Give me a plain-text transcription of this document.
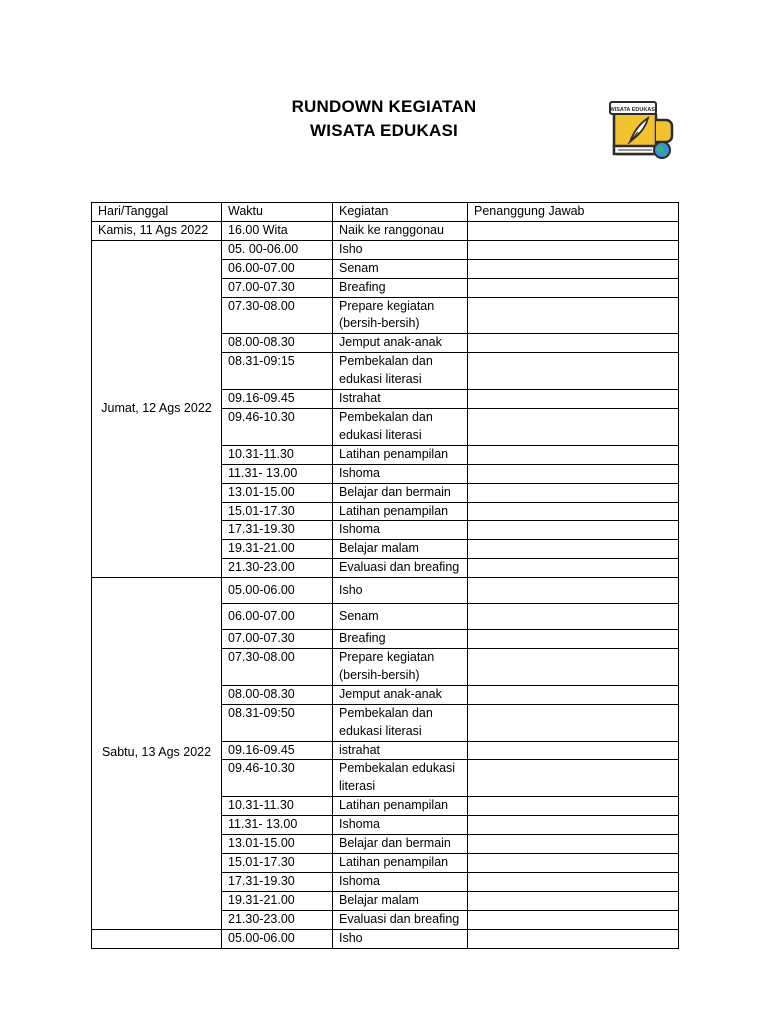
RUNDOWN KEGIATAN
WISATA EDUKASI
WISATA EDUKASI
Hari/Tanggal	Waktu	Kegiatan	Penanggung Jawab
Kamis, 11 Ags 2022	16.00 Wita	Naik ke ranggonau	
Jumat, 12 Ags 2022	05. 00-06.00	Isho	

	06.00-07.00	Senam	

	07.00-07.30	Breafing	

	07.30-08.00	Prepare kegiatan
(bersih-bersih)	

	08.00-08.30	Jemput anak-anak	

	08.31-09:15	Pembekalan dan
edukasi literasi	

	09.16-09.45	Istrahat	

	09.46-10.30	Pembekalan dan
edukasi literasi	

	10.31-11.30	Latihan penampilan	

	11.31- 13.00	Ishoma	

	13.01-15.00	Belajar dan bermain	

	15.01-17.30	Latihan penampilan	

	17.31-19.30	Ishoma	

	19.31-21.00	Belajar malam	

	21.30-23.00	Evaluasi dan breafing	

Sabtu, 13 Ags 2022	05.00-06.00	Isho	

	06.00-07.00	Senam	

	07.00-07.30	Breafing	

	07.30-08.00	Prepare kegiatan
(bersih-bersih)	

	08.00-08.30	Jemput anak-anak	

	08.31-09:50	Pembekalan dan
edukasi literasi	

	09.16-09.45	istrahat	

	09.46-10.30	Pembekalan edukasi
literasi	

	10.31-11.30	Latihan penampilan	

	11.31- 13.00	Ishoma	

	13.01-15.00	Belajar dan bermain	

	15.01-17.30	Latihan penampilan	

	17.31-19.30	Ishoma	

	19.31-21.00	Belajar malam	

	21.30-23.00	Evaluasi dan breafing	

	05.00-06.00	Isho	
